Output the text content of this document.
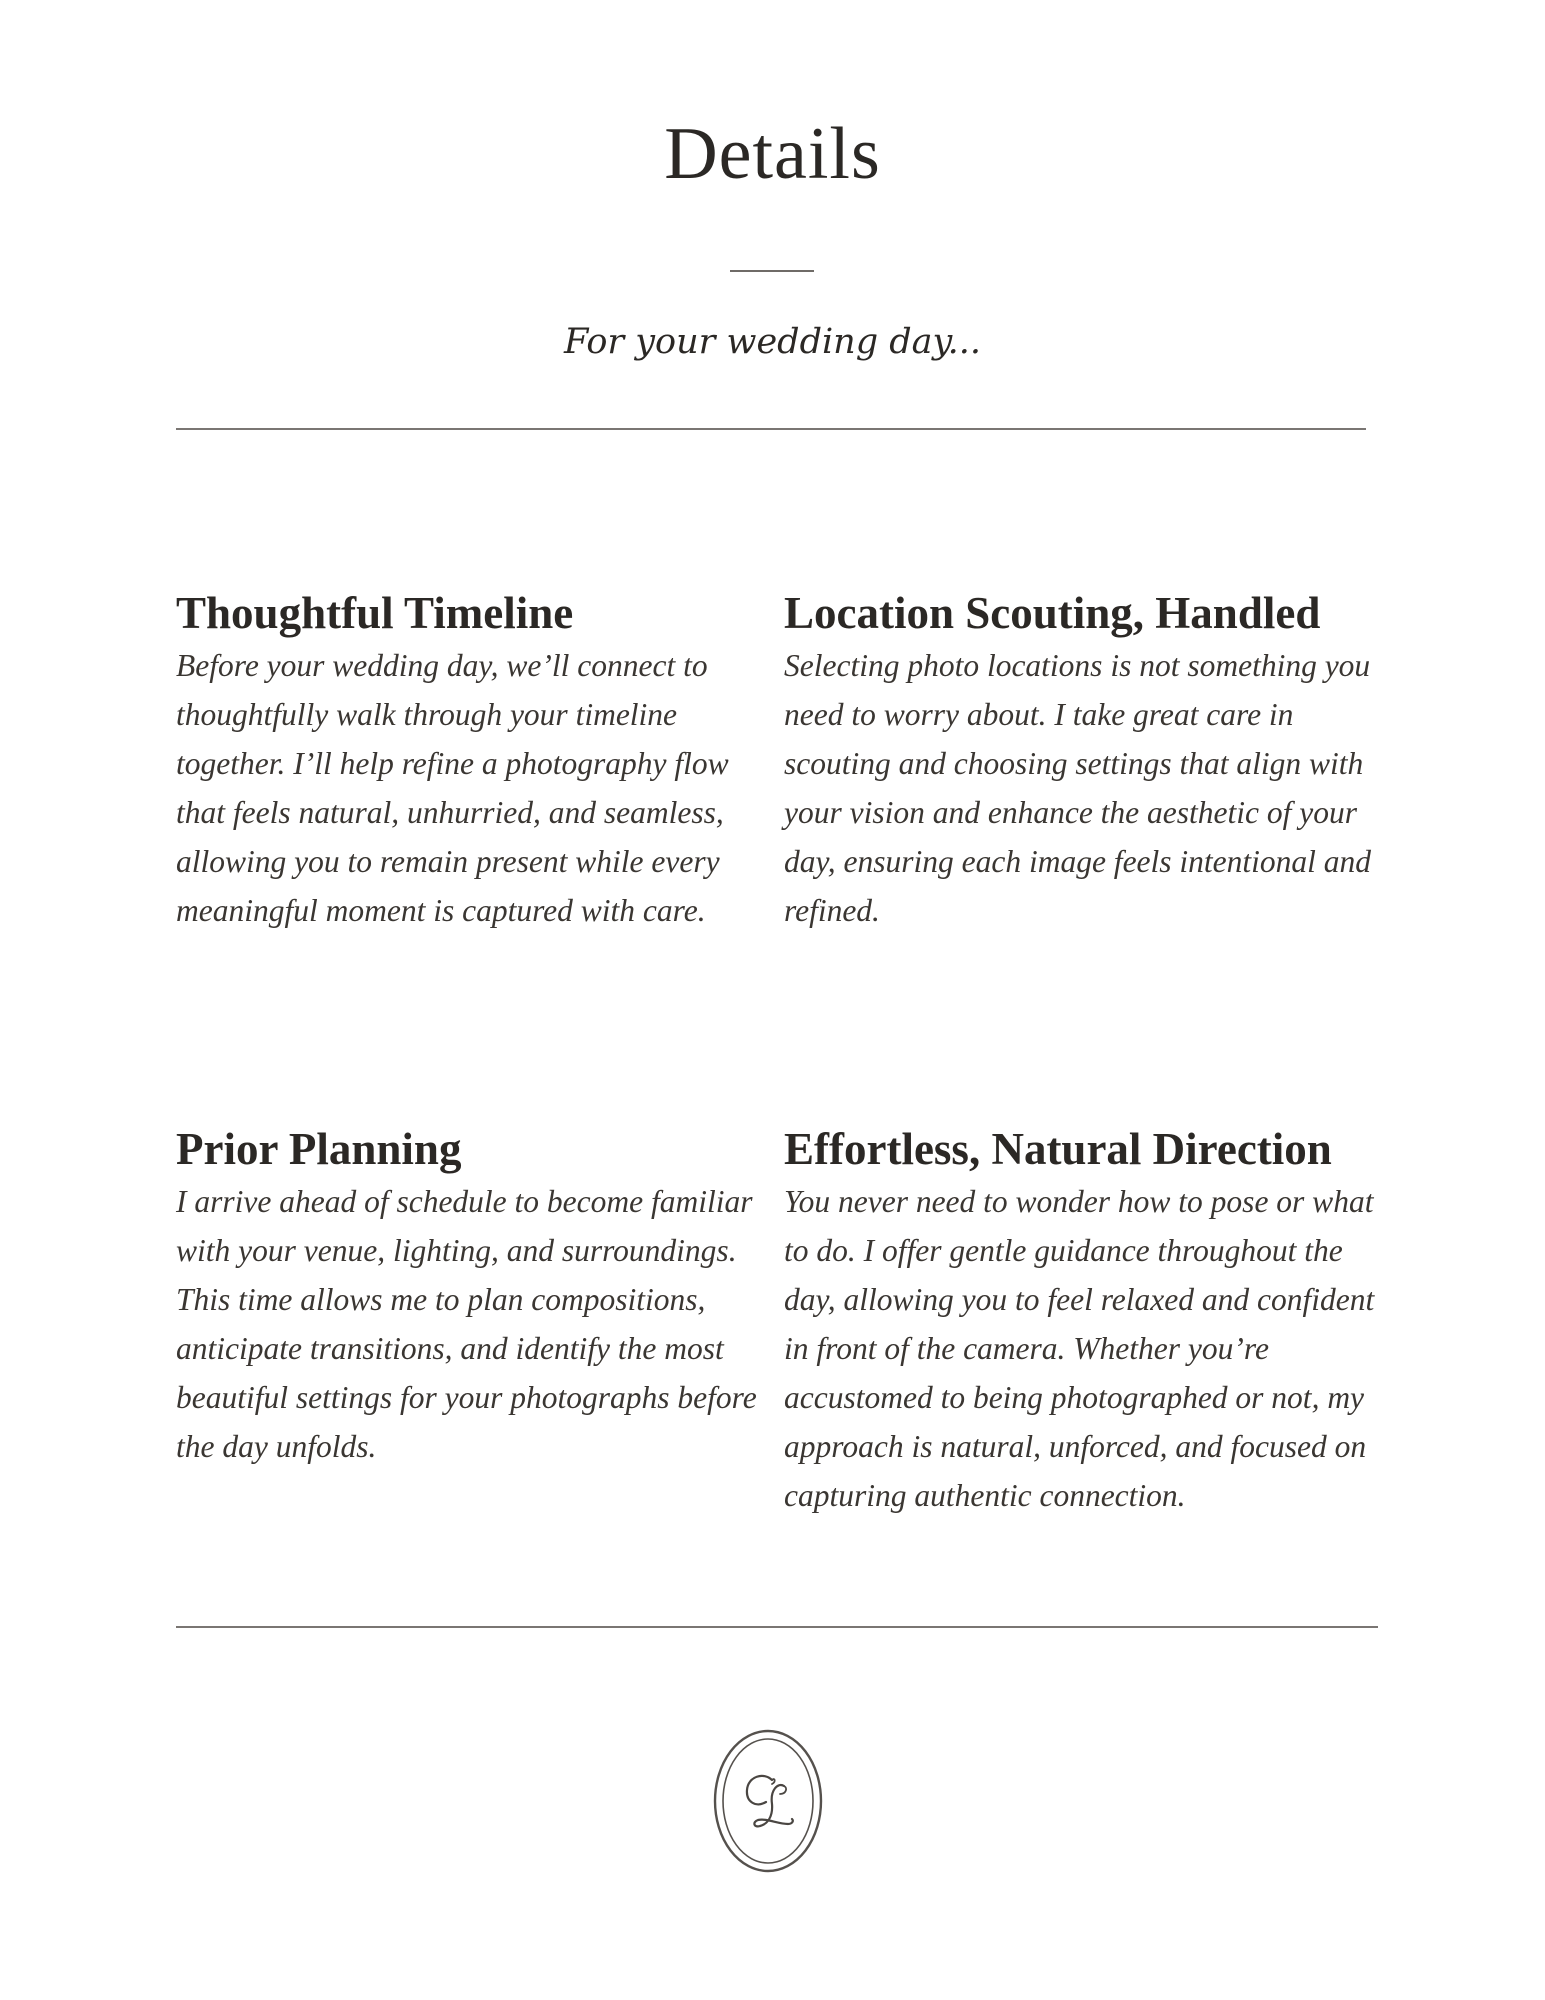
Details

For your wedding day...

Thoughtful Timeline

Before your wedding day, we’ll connect to thoughtfully walk through your timeline together. I’ll help refine a photography flow that feels natural, unhurried, and seamless, allowing you to remain present while every meaningful moment is captured with care.

Location Scouting, Handled

Selecting photo locations is not something you need to worry about. I take great care in scouting and choosing settings that align with your vision and enhance the aesthetic of your day, ensuring each image feels intentional and refined.

Prior Planning

I arrive ahead of schedule to become familiar with your venue, lighting, and surroundings. This time allows me to plan compositions, anticipate transitions, and identify the most beautiful settings for your photographs before the day unfolds.

Effortless, Natural Direction

You never need to wonder how to pose or what to do. I offer gentle guidance throughout the day, allowing you to feel relaxed and confident in front of the camera. Whether you’re accustomed to being photographed or not, my approach is natural, unforced, and focused on capturing authentic connection.
